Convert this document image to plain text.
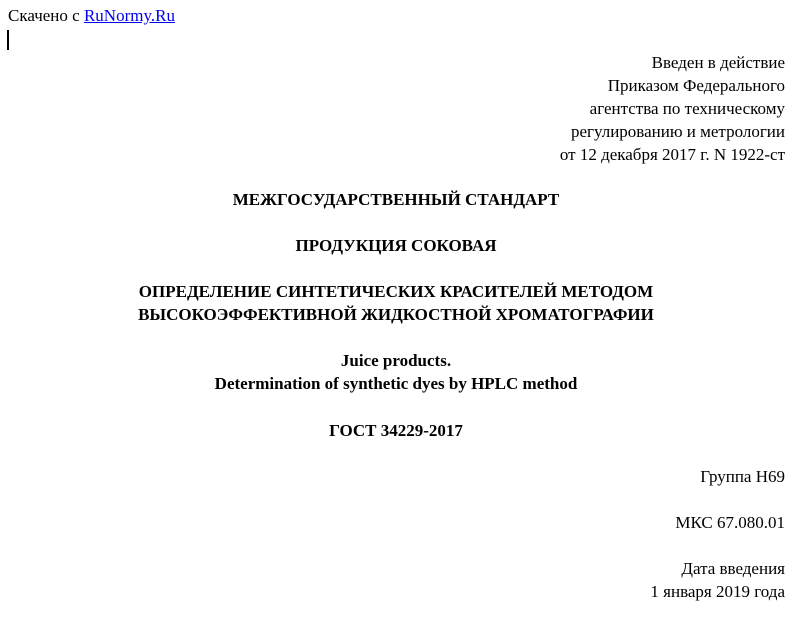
Скачено с RuNormy.Ru
Введен в действие
Приказом Федерального
агентства по техническому
регулированию и метрологии
от 12 декабря 2017 г. N 1922-ст
МЕЖГОСУДАРСТВЕННЫЙ СТАНДАРТ
ПРОДУКЦИЯ СОКОВАЯ
ОПРЕДЕЛЕНИЕ СИНТЕТИЧЕСКИХ КРАСИТЕЛЕЙ МЕТОДОМ
ВЫСОКОЭФФЕКТИВНОЙ ЖИДКОСТНОЙ ХРОМАТОГРАФИИ
Juice products.
Determination of synthetic dyes by HPLC method
ГОСТ 34229-2017
Группа Н69
МКС 67.080.01
Дата введения
1 января 2019 года
